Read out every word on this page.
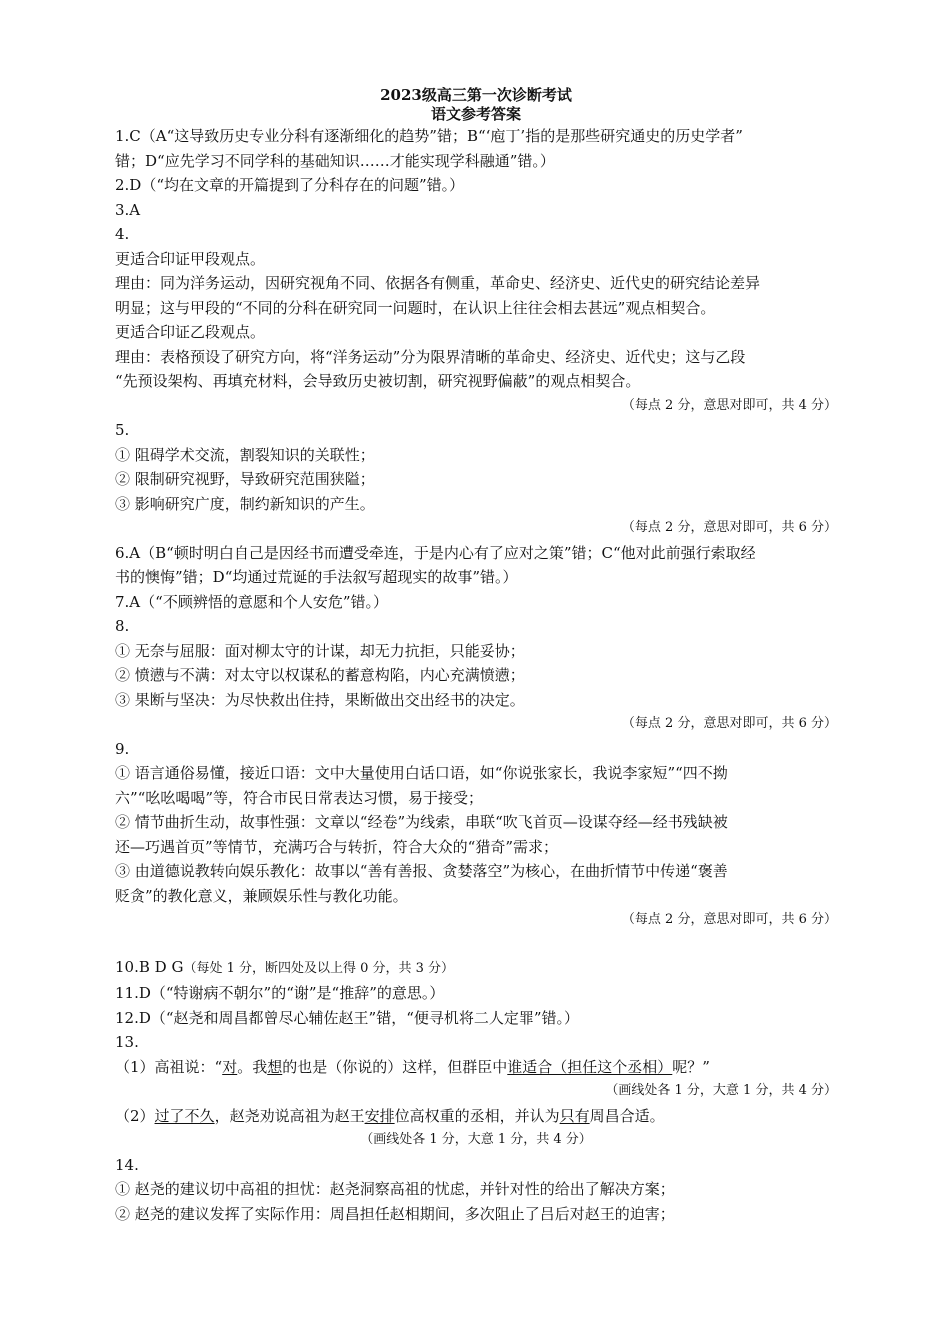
2023级高三第一次诊断考试

语文参考答案

1.C（A“这导致历史专业分科有逐渐细化的趋势”错；B“‘庖丁’指的是那些研究通史的历史学者”

错；D“应先学习不同学科的基础知识……才能实现学科融通”错。）

2.D（“均在文章的开篇提到了分科存在的问题”错。）

3.A

4.

更适合印证甲段观点。

理由：同为洋务运动，因研究视角不同、依据各有侧重，革命史、经济史、近代史的研究结论差异

明显；这与甲段的“不同的分科在研究同一问题时，在认识上往往会相去甚远”观点相契合。

更适合印证乙段观点。

理由：表格预设了研究方向，将“洋务运动”分为限界清晰的革命史、经济史、近代史；这与乙段

“先预设架构、再填充材料，会导致历史被切割，研究视野偏蔽”的观点相契合。

（每点 2 分，意思对即可，共 4 分）

5.

① 阻碍学术交流，割裂知识的关联性；

② 限制研究视野，导致研究范围狭隘；

③ 影响研究广度，制约新知识的产生。

（每点 2 分，意思对即可，共 6 分）

6.A（B“顿时明白自己是因经书而遭受牵连，于是内心有了应对之策”错；C“他对此前强行索取经

书的懊悔”错；D“均通过荒诞的手法叙写超现实的故事”错。）

7.A（“不顾辨悟的意愿和个人安危”错。）

8.

① 无奈与屈服：面对柳太守的计谋，却无力抗拒，只能妥协；

② 愤懑与不满：对太守以权谋私的蓄意构陷，内心充满愤懑；

③ 果断与坚决：为尽快救出住持，果断做出交出经书的决定。

（每点 2 分，意思对即可，共 6 分）

9.

① 语言通俗易懂，接近口语：文中大量使用白话口语，如“你说张家长，我说李家短”“四不拗

六”“吆吆喝喝”等，符合市民日常表达习惯，易于接受；

② 情节曲折生动，故事性强：文章以“经卷”为线索，串联“吹飞首页—设谋夺经—经书残缺被

还—巧遇首页”等情节，充满巧合与转折，符合大众的“猎奇”需求；

③ 由道德说教转向娱乐教化：故事以“善有善报、贪婪落空”为核心，在曲折情节中传递“褒善

贬贪”的教化意义，兼顾娱乐性与教化功能。

（每点 2 分，意思对即可，共 6 分）

10.B D G（每处 1 分，断四处及以上得 0 分，共 3 分）

11.D（“特谢病不朝尔”的“谢”是“推辞”的意思。）

12.D（“赵尧和周昌都曾尽心辅佐赵王”错，“便寻机将二人定罪”错。）

13.

（1）高祖说：“对。我想的也是（你说的）这样，但群臣中谁适合（担任这个丞相）呢？”

（画线处各 1 分，大意 1 分，共 4 分）

（2）过了不久，赵尧劝说高祖为赵王安排位高权重的丞相，并认为只有周昌合适。

（画线处各 1 分，大意 1 分，共 4 分）

14.

① 赵尧的建议切中高祖的担忧：赵尧洞察高祖的忧虑，并针对性的给出了解决方案；

② 赵尧的建议发挥了实际作用：周昌担任赵相期间，多次阻止了吕后对赵王的迫害；
